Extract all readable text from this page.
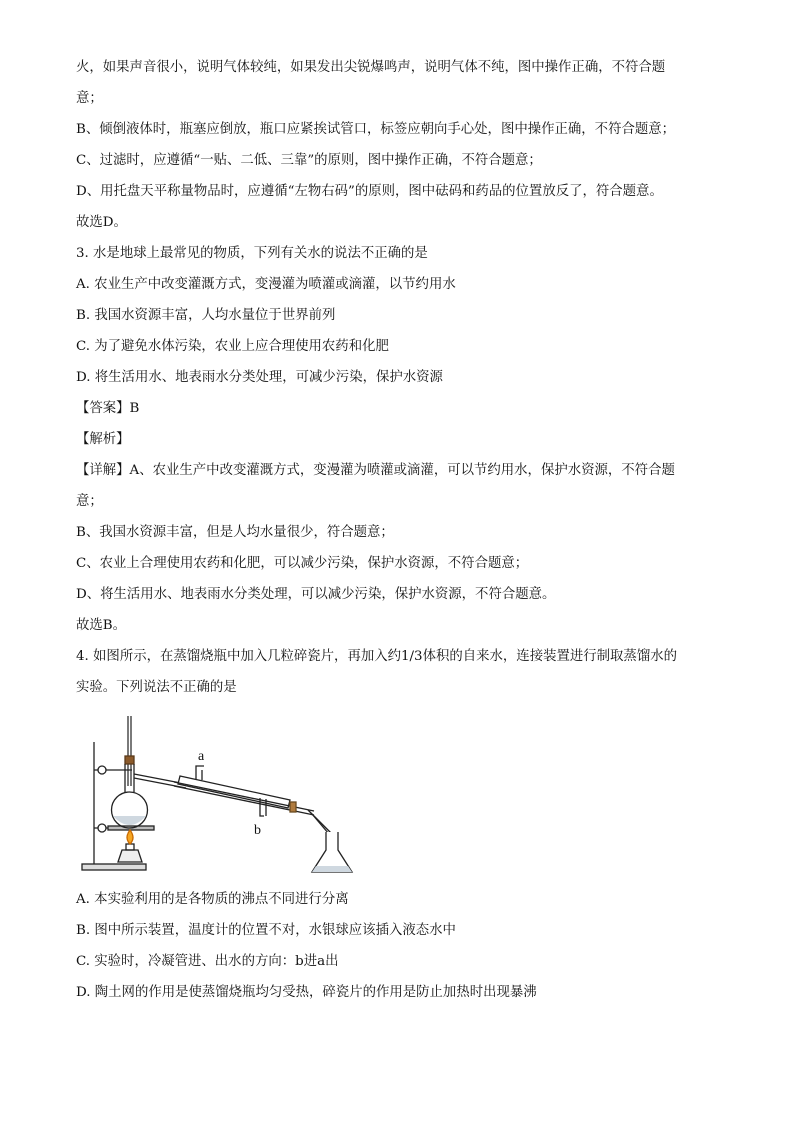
火，如果声音很小，说明气体较纯，如果发出尖锐爆鸣声，说明气体不纯，图中操作正确，不符合题

意；

B、倾倒液体时，瓶塞应倒放，瓶口应紧挨试管口，标签应朝向手心处，图中操作正确，不符合题意；

C、过滤时，应遵循“一贴、二低、三靠”的原则，图中操作正确，不符合题意；

D、用托盘天平称量物品时，应遵循“左物右码”的原则，图中砝码和药品的位置放反了，符合题意。

故选D。

3. 水是地球上最常见的物质，下列有关水的说法不正确的是

A. 农业生产中改变灌溉方式，变漫灌为喷灌或滴灌，以节约用水

B. 我国水资源丰富，人均水量位于世界前列

C. 为了避免水体污染，农业上应合理使用农药和化肥

D. 将生活用水、地表雨水分类处理，可减少污染，保护水资源

【答案】B

【解析】

【详解】A、农业生产中改变灌溉方式，变漫灌为喷灌或滴灌，可以节约用水，保护水资源，不符合题

意；

B、我国水资源丰富，但是人均水量很少，符合题意；

C、农业上合理使用农药和化肥，可以减少污染，保护水资源，不符合题意；

D、将生活用水、地表雨水分类处理，可以减少污染，保护水资源，不符合题意。

故选B。

4. 如图所示，在蒸馏烧瓶中加入几粒碎瓷片，再加入约1/3体积的自来水，连接装置进行制取蒸馏水的

实验。下列说法不正确的是

a
b

A. 本实验利用的是各物质的沸点不同进行分离

B. 图中所示装置，温度计的位置不对，水银球应该插入液态水中

C. 实验时，冷凝管进、出水的方向：b进a出

D. 陶土网的作用是使蒸馏烧瓶均匀受热，碎瓷片的作用是防止加热时出现暴沸
